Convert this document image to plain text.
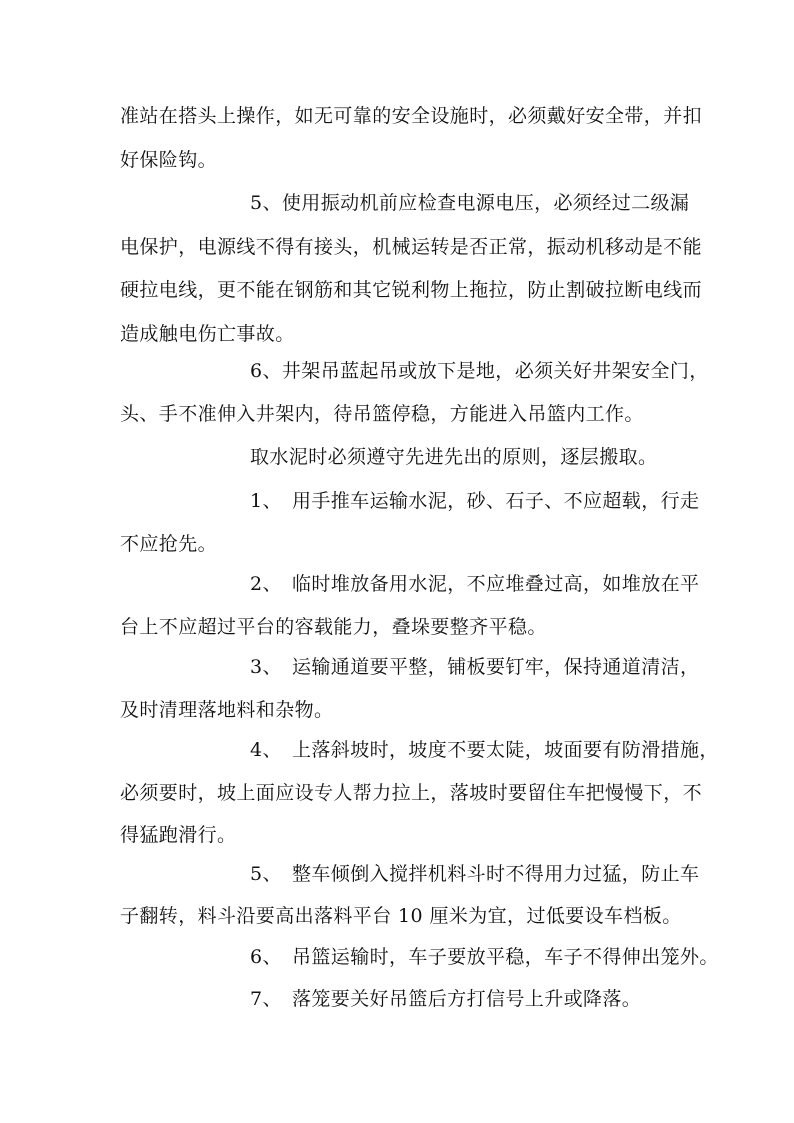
准站在搭头上操作，如无可靠的安全设施时，必须戴好安全带，并扣
好保险钩。
5、使用振动机前应检查电源电压，必须经过二级漏
电保护，电源线不得有接头，机械运转是否正常，振动机移动是不能
硬拉电线，更不能在钢筋和其它锐利物上拖拉，防止割破拉断电线而
造成触电伤亡事故。
6、井架吊蓝起吊或放下是地，必须关好井架安全门，
头、手不准伸入井架内，待吊篮停稳，方能进入吊篮内工作。
取水泥时必须遵守先进先出的原则，逐层搬取。
1、 用手推车运输水泥，砂、石子、不应超载，行走
不应抢先。
2、 临时堆放备用水泥，不应堆叠过高，如堆放在平
台上不应超过平台的容载能力，叠垛要整齐平稳。
3、 运输通道要平整，铺板要钉牢，保持通道清洁，
及时清理落地料和杂物。
4、 上落斜坡时，坡度不要太陡，坡面要有防滑措施，
必须要时，坡上面应设专人帮力拉上，落坡时要留住车把慢慢下，不
得猛跑滑行。
5、 整车倾倒入搅拌机料斗时不得用力过猛，防止车
子翻转，料斗沿要高出落料平台 10 厘米为宜，过低要设车档板。
6、 吊篮运输时，车子要放平稳，车子不得伸出笼外。
7、 落笼要关好吊篮后方打信号上升或降落。
